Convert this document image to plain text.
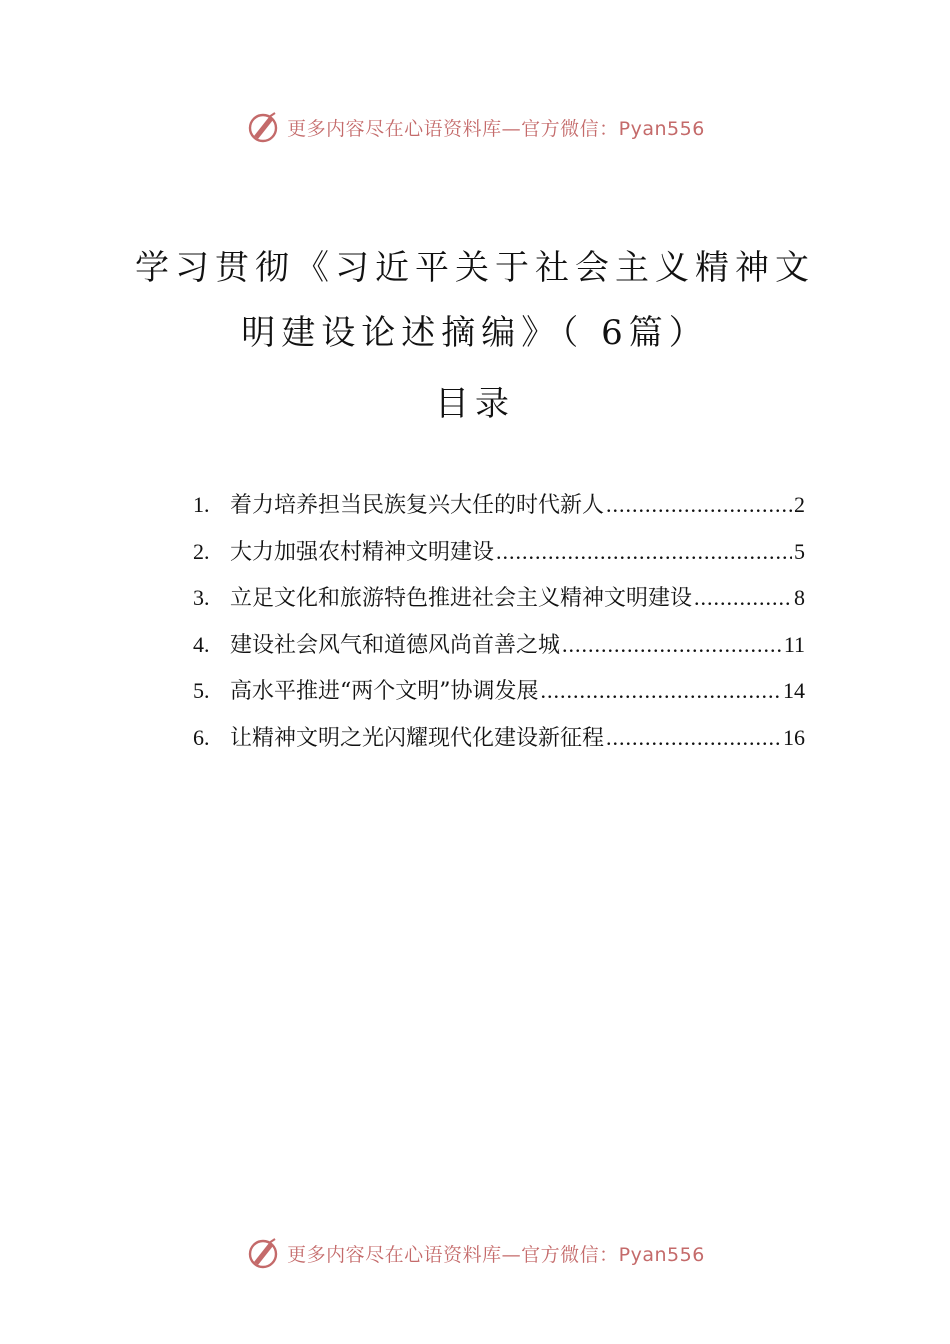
更多内容尽在心语资料库—官方微信：Pyan556
学习贯彻《习近平关于社会主义精神文
明建设论述摘编》（ 6篇）
目录
1. 着力培养担当民族复兴大任的时代新人 .....	2
2. 大力加强农村精神文明建设 .....	5
3. 立足文化和旅游特色推进社会主义精神文明建设 .....	8
4. 建设社会风气和道德风尚首善之城 .....	11
5. 高水平推进“两个文明”协调发展 .....	14
6. 让精神文明之光闪耀现代化建设新征程 .....	16
更多内容尽在心语资料库—官方微信：Pyan556
